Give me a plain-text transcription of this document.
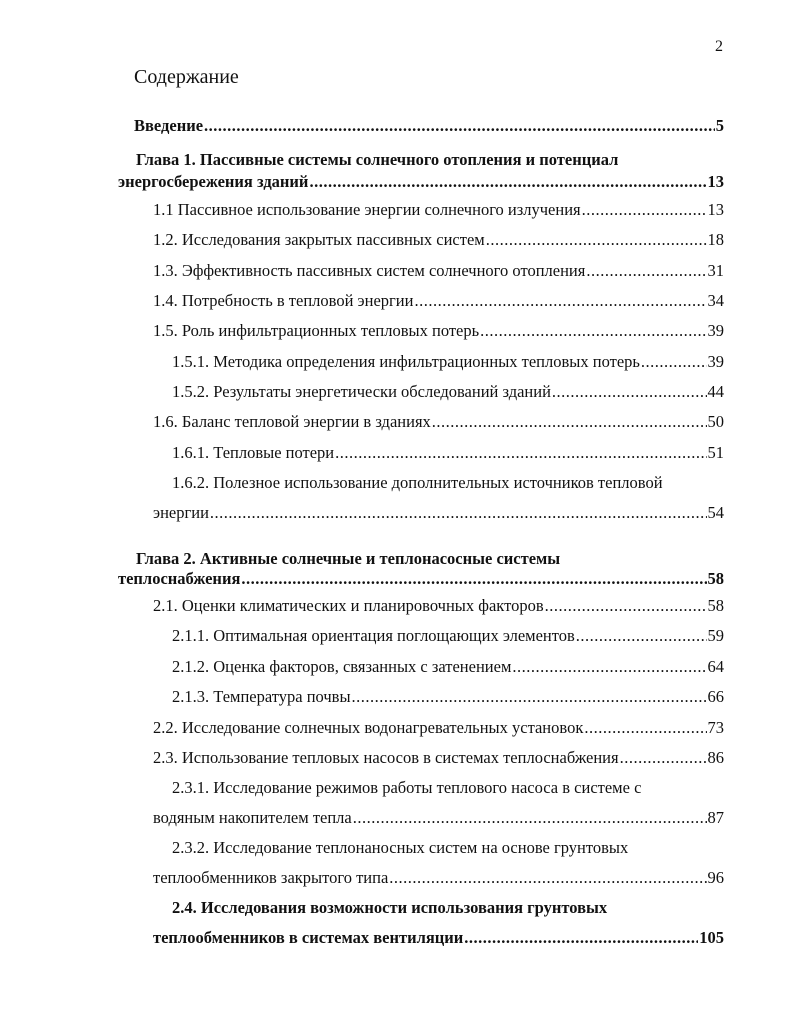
2
Содержание
Введение .....	5
Глава 1. Пассивные системы солнечного отопления и потенциал
энергосбережения зданий .....	13
1.1 Пассивное использование энергии солнечного излучения .....	13
1.2. Исследования закрытых пассивных систем .....	18
1.3. Эффективность пассивных систем солнечного отопления .....	31
1.4. Потребность в тепловой энергии .....	34
1.5. Роль инфильтрационных тепловых потерь .....	39
1.5.1. Методика определения инфильтрационных тепловых потерь .....	39
1.5.2. Результаты энергетически обследований зданий .....	44
1.6. Баланс тепловой энергии в зданиях .....	50
1.6.1. Тепловые потери .....	51
1.6.2. Полезное использование дополнительных источников тепловой
энергии .....	54
Глава 2. Активные солнечные и теплонасосные системы
теплоснабжения .....	58
2.1. Оценки климатических и планировочных факторов .....	58
2.1.1. Оптимальная ориентация поглощающих элементов .....	59
2.1.2. Оценка факторов, связанных с затенением .....	64
2.1.3. Температура почвы .....	66
2.2. Исследование солнечных водонагревательных установок .....	73
2.3. Использование тепловых насосов в системах теплоснабжения .....	86
2.3.1. Исследование режимов работы теплового насоса в системе с
водяным накопителем тепла .....	87
2.3.2. Исследование теплонаносных систем на основе грунтовых
теплообменников закрытого типа .....	96
2.4. Исследования возможности использования грунтовых
теплообменников в системах вентиляции .....	105
